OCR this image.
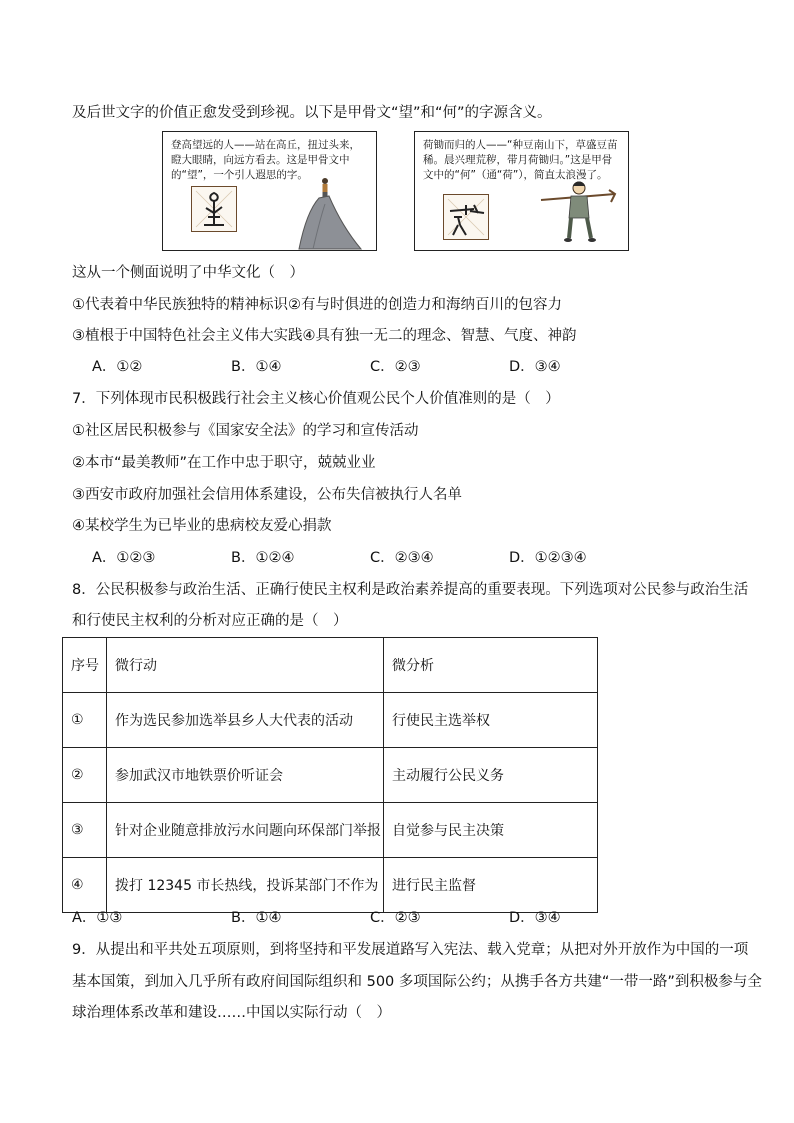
及后世文字的价值正愈发受到珍视。以下是甲骨文“望”和“何”的字源含义。
登高望远的人——站在高丘，扭过头来，瞪大眼睛，向远方看去。这是甲骨文中的“望”，一个引人遐思的字。
荷锄而归的人——“种豆南山下，草盛豆苗稀。晨兴理荒秽，带月荷锄归。”这是甲骨文中的“何”（通“荷”），简直太浪漫了。
这从一个侧面说明了中华文化（　）
①代表着中华民族独特的精神标识②有与时俱进的创造力和海纳百川的包容力
③植根于中国特色社会主义伟大实践④具有独一无二的理念、智慧、气度、神韵
A．①②	B．①④	C．②③	D．③④
7．下列体现市民积极践行社会主义核心价值观公民个人价值准则的是（　）
①社区居民积极参与《国家安全法》的学习和宣传活动
②本市“最美教师”在工作中忠于职守，兢兢业业
③西安市政府加强社会信用体系建设，公布失信被执行人名单
④某校学生为已毕业的患病校友爱心捐款
A．①②③	B．①②④	C．②③④	D．①②③④
8．公民积极参与政治生活、正确行使民主权利是政治素养提高的重要表现。下列选项对公民参与政治生活
和行使民主权利的分析对应正确的是（　）
序号	微行动	微分析
①	作为选民参加选举县乡人大代表的活动	行使民主选举权
②	参加武汉市地铁票价听证会	主动履行公民义务
③	针对企业随意排放污水问题向环保部门举报	自觉参与民主决策
④	拨打 12345 市长热线，投诉某部门不作为	进行民主监督
A．①③	B．①④	C．②③	D．③④
9．从提出和平共处五项原则，到将坚持和平发展道路写入宪法、载入党章；从把对外开放作为中国的一项
基本国策，到加入几乎所有政府间国际组织和 500 多项国际公约；从携手各方共建“一带一路”到积极参与全
球治理体系改革和建设……中国以实际行动（　）
